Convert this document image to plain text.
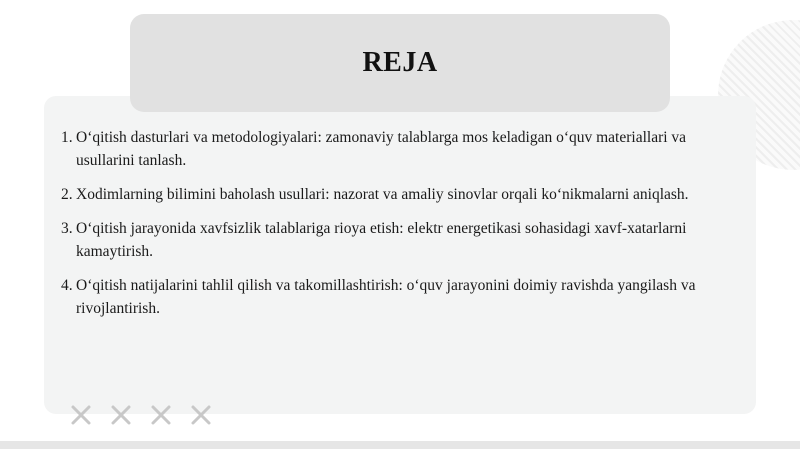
REJA
1. O‘qitish dasturlari va metodologiyalari: zamonaviy talablarga mos keladigan o‘quv materiallari va usullarini tanlash.
2. Xodimlarning bilimini baholash usullari: nazorat va amaliy sinovlar orqali ko‘nikmalarni aniqlash.
3. O‘qitish jarayonida xavfsizlik talablariga rioya etish: elektr energetikasi sohasidagi xavf-xatarlarni kamaytirish.
4. O‘qitish natijalarini tahlil qilish va takomillashtirish: o‘quv jarayonini doimiy ravishda yangilash va rivojlantirish.
